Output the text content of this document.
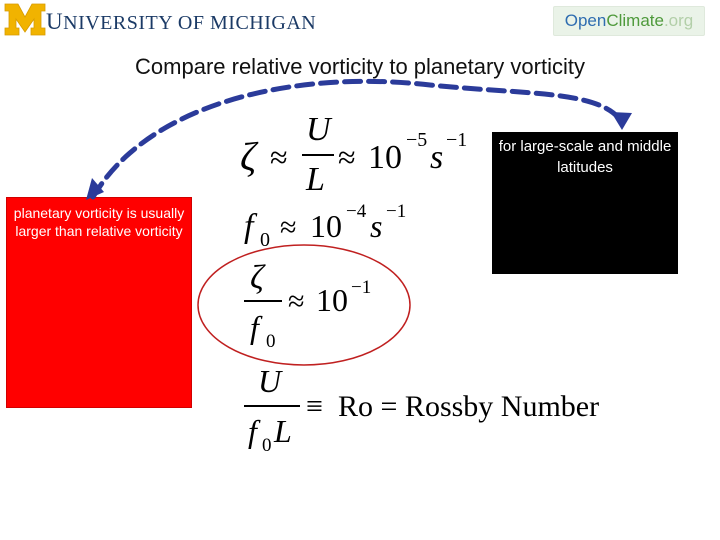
UNIVERSITY OF MICHIGAN	OpenClimate.org
Compare relative vorticity to planetary vorticity
planetary vorticity is usually larger than relative vorticity
for large-scale and middle latitudes
ζ ≈
U
L
≈ 10 −5 s −1
f 0 ≈ 10 −4 s −1
ζ
f 0
≈ 10 −1
U
f 0 L
≡ Ro = Rossby Number
